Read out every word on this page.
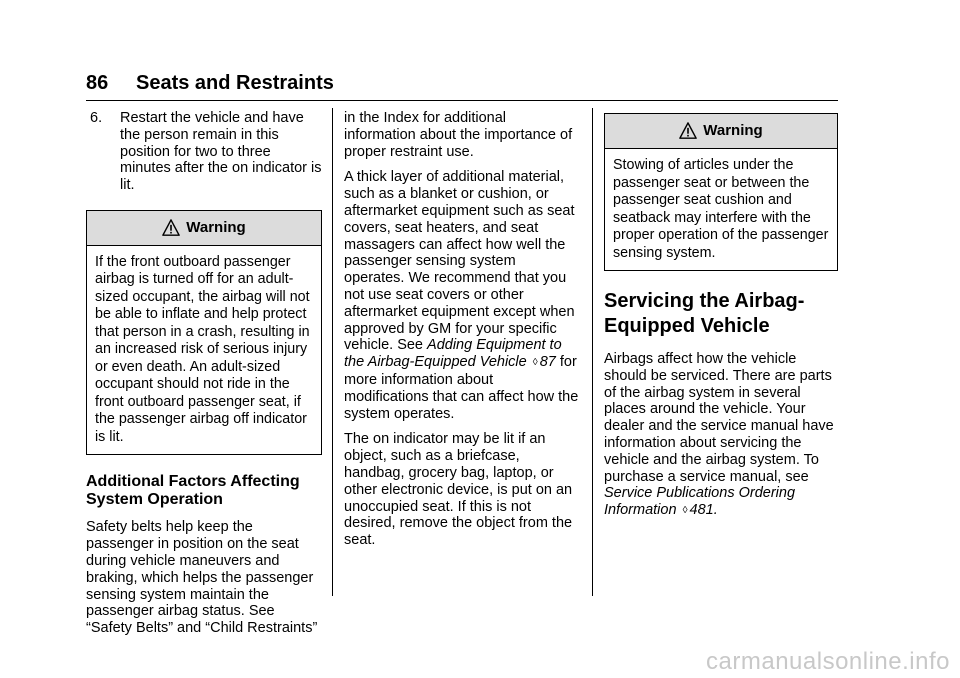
86 Seats and Restraints
6.	Restart the vehicle and have the person remain in this position for two to three minutes after the on indicator is lit.
Warning
If the front outboard passenger airbag is turned off for an adult-sized occupant, the airbag will not be able to inflate and help protect that person in a crash, resulting in an increased risk of serious injury or even death. An adult-sized occupant should not ride in the front outboard passenger seat, if the passenger airbag off indicator is lit.
Additional Factors Affecting System Operation

Safety belts help keep the passenger in position on the seat during vehicle maneuvers and braking, which helps the passenger sensing system maintain the passenger airbag status. See “Safety Belts” and “Child Restraints”

in the Index for additional information about the importance of proper restraint use.

A thick layer of additional material, such as a blanket or cushion, or aftermarket equipment such as seat covers, seat heaters, and seat massagers can affect how well the passenger sensing system operates. We recommend that you not use seat covers or other aftermarket equipment except when approved by GM for your specific vehicle. See Adding Equipment to the Airbag-Equipped Vehicle ◊ 87 for more information about modifications that can affect how the system operates.

The on indicator may be lit if an object, such as a briefcase, handbag, grocery bag, laptop, or other electronic device, is put on an unoccupied seat. If this is not desired, remove the object from the seat.

Warning
Stowing of articles under the passenger seat or between the passenger seat cushion and seatback may interfere with the proper operation of the passenger sensing system.
Servicing the Airbag-Equipped Vehicle

Airbags affect how the vehicle should be serviced. There are parts of the airbag system in several places around the vehicle. Your dealer and the service manual have information about servicing the vehicle and the airbag system. To purchase a service manual, see Service Publications Ordering Information ◊ 481.

carmanualsonline.info
